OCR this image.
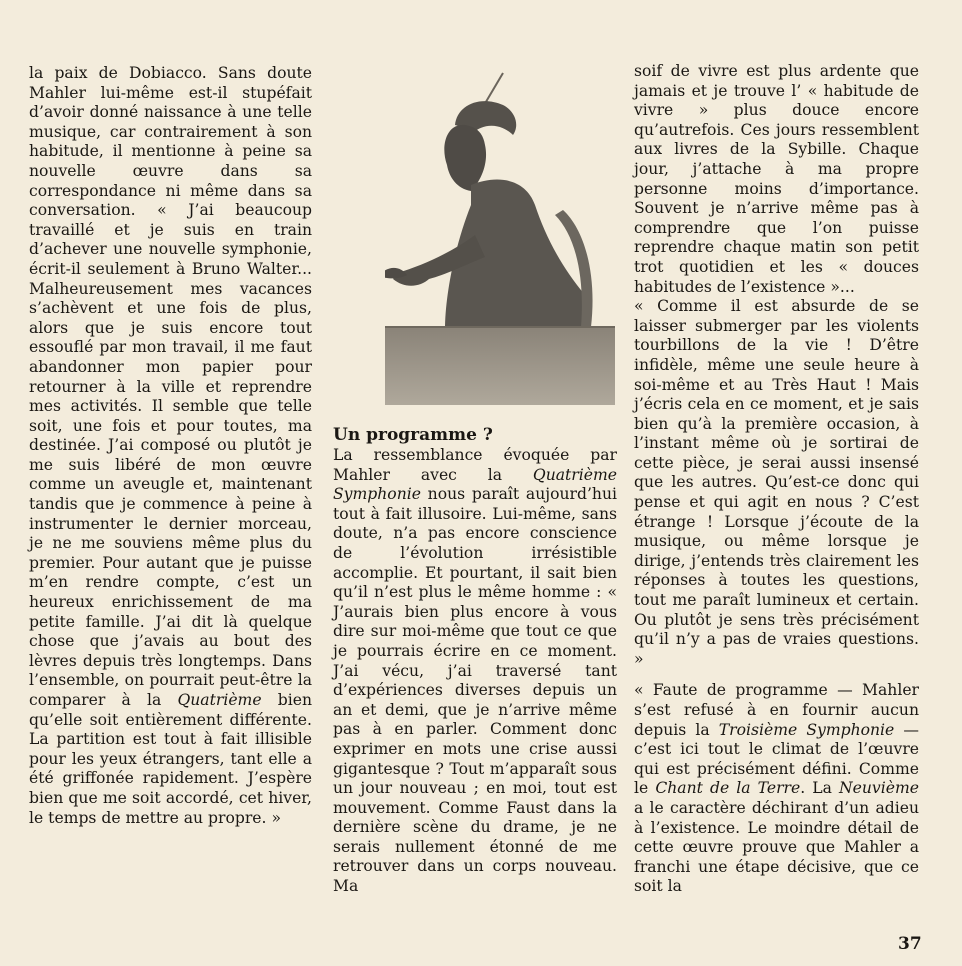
la paix de Dobiacco. Sans doute Mahler lui-même est-il stupéfait d’avoir donné naissance à une telle musique, car contrairement à son habitude, il mentionne à peine sa nouvelle œuvre dans sa correspondance ni même dans sa conversation. « J’ai beaucoup travaillé et je suis en train d’achever une nouvelle symphonie, écrit-il seulement à Bruno Walter... Malheureusement mes vacances s’achèvent et une fois de plus, alors que je suis encore tout essouflé par mon travail, il me faut abandonner mon papier pour retourner à la ville et reprendre mes activités. Il semble que telle soit, une fois et pour toutes, ma destinée. J’ai composé ou plutôt je me suis libéré de mon œuvre comme un aveugle et, maintenant tandis que je commence à peine à instrumenter le dernier morceau, je ne me souviens même plus du premier. Pour autant que je puisse m’en rendre compte, c’est un heureux enrichissement de ma petite famille. J’ai dit là quelque chose que j’avais au bout des lèvres depuis très longtemps. Dans l’ensemble, on pourrait peut-être la comparer à la Quatrième bien qu’elle soit entièrement différente. La partition est tout à fait illisible pour les yeux étrangers, tant elle a été griffonée rapidement. J’espère bien que me soit accordé, cet hiver, le temps de mettre au propre. »

Un programme ?

La ressemblance évoquée par Mahler avec la Quatrième Symphonie nous paraît aujourd’hui tout à fait illusoire. Lui-même, sans doute, n’a pas encore conscience de l’évolution irrésistible accomplie. Et pourtant, il sait bien qu’il n’est plus le même homme : « J’aurais bien plus encore à vous dire sur moi-même que tout ce que je pourrais écrire en ce moment. J’ai vécu, j’ai traversé tant d’expériences diverses depuis un an et demi, que je n’arrive même pas à en parler. Comment donc exprimer en mots une crise aussi gigantesque ? Tout m’apparaît sous un jour nouveau ; en moi, tout est mouvement. Comme Faust dans la dernière scène du drame, je ne serais nullement étonné de me retrouver dans un corps nouveau. Ma

soif de vivre est plus ardente que jamais et je trouve l’ « habitude de vivre » plus douce encore qu’autrefois. Ces jours ressemblent aux livres de la Sybille. Chaque jour, j’attache à ma propre personne moins d’importance. Souvent je n’arrive même pas à comprendre que l’on puisse reprendre chaque matin son petit trot quotidien et les « douces habitudes de l’existence »...

« Comme il est absurde de se laisser submerger par les violents tourbillons de la vie ! D’être infidèle, même une seule heure à soi-même et au Très Haut ! Mais j’écris cela en ce moment, et je sais bien qu’à la première occasion, à l’instant même où je sortirai de cette pièce, je serai aussi insensé que les autres. Qu’est-ce donc qui pense et qui agit en nous ? C’est étrange ! Lorsque j’écoute de la musique, ou même lorsque je dirige, j’entends très clairement les réponses à toutes les questions, tout me paraît lumineux et certain. Ou plutôt je sens très précisément qu’il n’y a pas de vraies questions. »

« Faute de programme — Mahler s’est refusé à en fournir aucun depuis la Troisième Symphonie — c’est ici tout le climat de l’œuvre qui est précisément défini. Comme le Chant de la Terre. La Neuvième a le caractère déchirant d’un adieu à l’existence. Le moindre détail de cette œuvre prouve que Mahler a franchi une étape décisive, que ce soit la

37
